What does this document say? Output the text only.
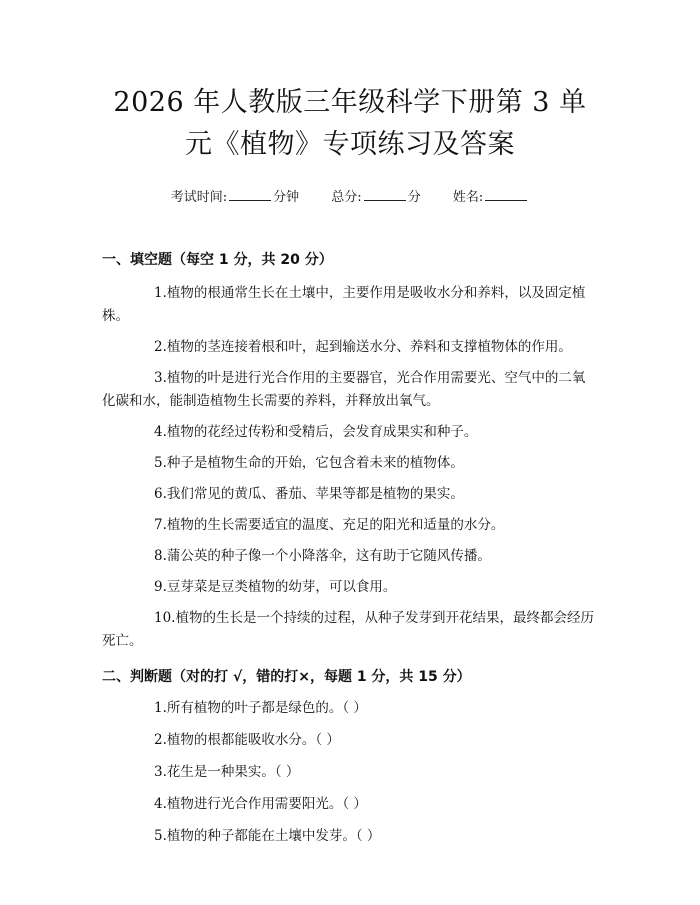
2026 年人教版三年级科学下册第 3 单元《植物》专项练习及答案
考试时间:	分钟 总分:	分 姓名:
一、填空题（每空 1 分，共 20 分）
1.植物的根通常生长在土壤中，主要作用是吸收水分和养料，以及固定植株。
2.植物的茎连接着根和叶，起到输送水分、养料和支撑植物体的作用。
3.植物的叶是进行光合作用的主要器官，光合作用需要光、空气中的二氧化碳和水，能制造植物生长需要的养料，并释放出氧气。
4.植物的花经过传粉和受精后，会发育成果实和种子。
5.种子是植物生命的开始，它包含着未来的植物体。
6.我们常见的黄瓜、番茄、苹果等都是植物的果实。
7.植物的生长需要适宜的温度、充足的阳光和适量的水分。
8.蒲公英的种子像一个小降落伞，这有助于它随风传播。
9.豆芽菜是豆类植物的幼芽，可以食用。
10.植物的生长是一个持续的过程，从种子发芽到开花结果，最终都会经历死亡。
二、判断题（对的打 √，错的打×，每题 1 分，共 15 分）
1.所有植物的叶子都是绿色的。（ ）
2.植物的根都能吸收水分。（ ）
3.花生是一种果实。（ ）
4.植物进行光合作用需要阳光。（ ）
5.植物的种子都能在土壤中发芽。（ ）
